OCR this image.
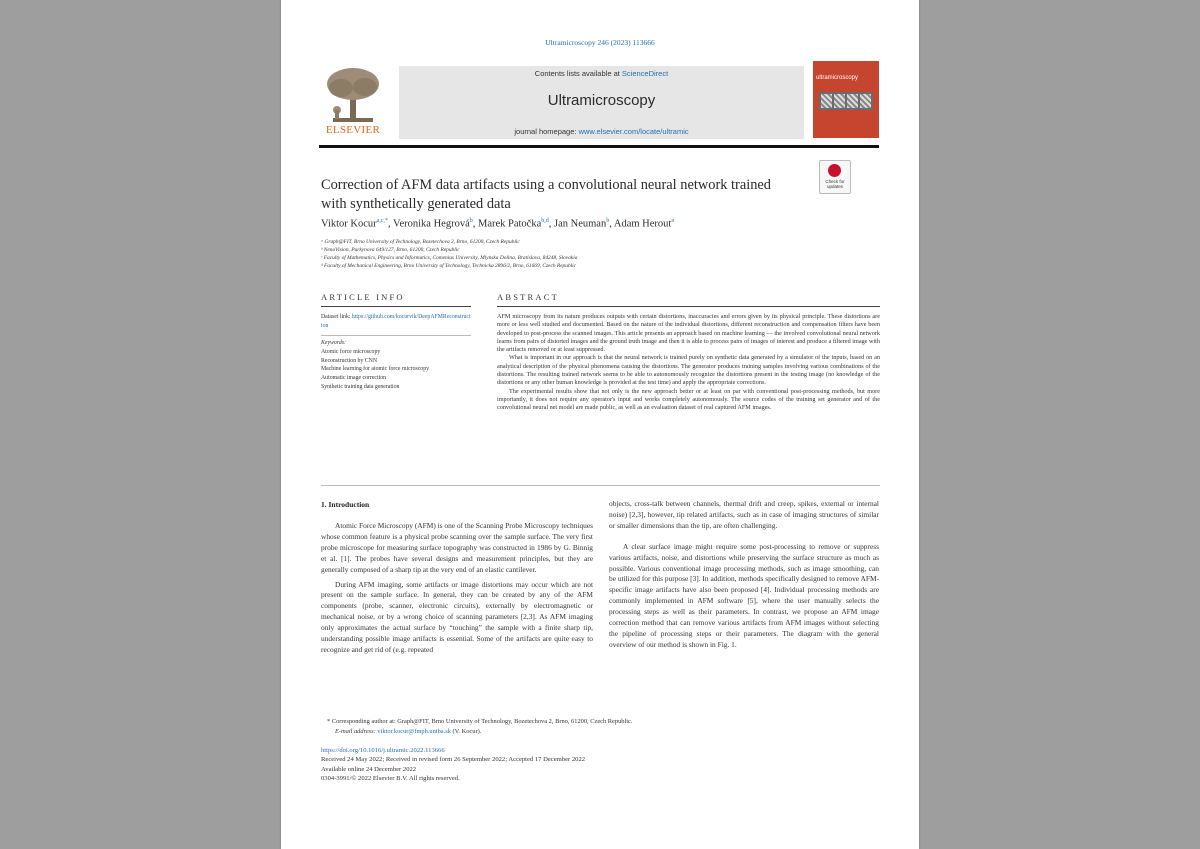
Ultramicroscopy 246 (2023) 113666
ELSEVIER
Contents lists available at ScienceDirect
Ultramicroscopy
journal homepage: www.elsevier.com/locate/ultramic
ultramicroscopy
Check for updates
Correction of AFM data artifacts using a convolutional neural network trained with synthetically generated data
Viktor Kocur$^{a,c,*}$, Veronika Hegrová$^b$, Marek Patočka$^{b,d}$, Jan Neuman$^b$, Adam Herout$^a$
ᵃ Graph@FIT, Brno University of Technology, Bozetechova 2, Brno, 61200, Czech Republic
ᵇ NenoVision, Purkynova 649/127, Brno, 61200, Czech Republic
ᶜ Faculty of Mathematics, Physics and Informatics, Comenius University, Mlynska Dolina, Bratislava, 84248, Slovakia
ᵈ Faculty of Mechanical Engineering, Brno University of Technology, Technicka 2896/2, Brno, 61669, Czech Republic
ARTICLE INFO
Dataset link: https://github.com/kocurvik/DeepAFMReconstruction
Keywords:
Atomic force microscopy
Reconstruction by CNN
Machine learning for atomic force microscopy
Automatic image correction
Synthetic training data generation
ABSTRACT

AFM microscopy from its nature produces outputs with certain distortions, inaccuracies and errors given by its physical principle. These distortions are more or less well studied and documented. Based on the nature of the individual distortions, different reconstruction and compensation filters have been developed to post-process the scanned images. This article presents an approach based on machine learning — the involved convolutional neural network learns from pairs of distorted images and the ground truth image and then it is able to process pairs of images of interest and produce a filtered image with the artifacts removed or at least suppressed.

What is important in our approach is that the neural network is trained purely on synthetic data generated by a simulator of the inputs, based on an analytical description of the physical phenomena causing the distortions. The generator produces training samples involving various combinations of the distortions. The resulting trained network seems to be able to autonomously recognize the distortions present in the testing image (no knowledge of the distortions or any other human knowledge is provided at the test time) and apply the appropriate corrections.

The experimental results show that not only is the new approach better or at least on par with conventional post-processing methods, but more importantly, it does not require any operator's input and works completely autonomously. The source codes of the training set generator and of the convolutional neural net model are made public, as well as an evaluation dataset of real captured AFM images.

1. Introduction

Atomic Force Microscopy (AFM) is one of the Scanning Probe Microscopy techniques whose common feature is a physical probe scanning over the sample surface. The very first probe microscope for measuring surface topography was constructed in 1986 by G. Binnig et al. [1]. The probes have several designs and measurement principles, but they are generally composed of a sharp tip at the very end of an elastic cantilever.

During AFM imaging, some artifacts or image distortions may occur which are not present on the sample surface. In general, they can be created by any of the AFM components (probe, scanner, electronic circuits), externally by electromagnetic or mechanical noise, or by a wrong choice of scanning parameters [2,3]. As AFM imaging only approximates the actual surface by “touching” the sample with a finite sharp tip, understanding possible image artifacts is essential. Some of the artifacts are quite easy to recognize and get rid of (e.g. repeated

objects, cross-talk between channels, thermal drift and creep, spikes, external or internal noise) [2,3], however, tip related artifacts, such as in case of imaging structures of similar or smaller dimensions than the tip, are often challenging.

A clear surface image might require some post-processing to remove or suppress various artifacts, noise, and distortions while preserving the surface structure as much as possible. Various conventional image processing methods, such as image smoothing, can be utilized for this purpose [3]. In addition, methods specifically designed to remove AFM-specific image artifacts have also been proposed [4]. Individual processing methods are commonly implemented in AFM software [5], where the user manually selects the processing steps as well as their parameters. In contrast, we propose an AFM image correction method that can remove various artifacts from AFM images without selecting the pipeline of processing steps or their parameters. The diagram with the general overview of our method is shown in Fig. 1.

* Corresponding author at: Graph@FIT, Brno University of Technology, Bozetechova 2, Brno, 61200, Czech Republic.
E-mail address: viktor.kocur@fmph.uniba.sk (V. Kocur).
https://doi.org/10.1016/j.ultramic.2022.113666
Received 24 May 2022; Received in revised form 26 September 2022; Accepted 17 December 2022
Available online 24 December 2022
0304-3991/© 2022 Elsevier B.V. All rights reserved.
